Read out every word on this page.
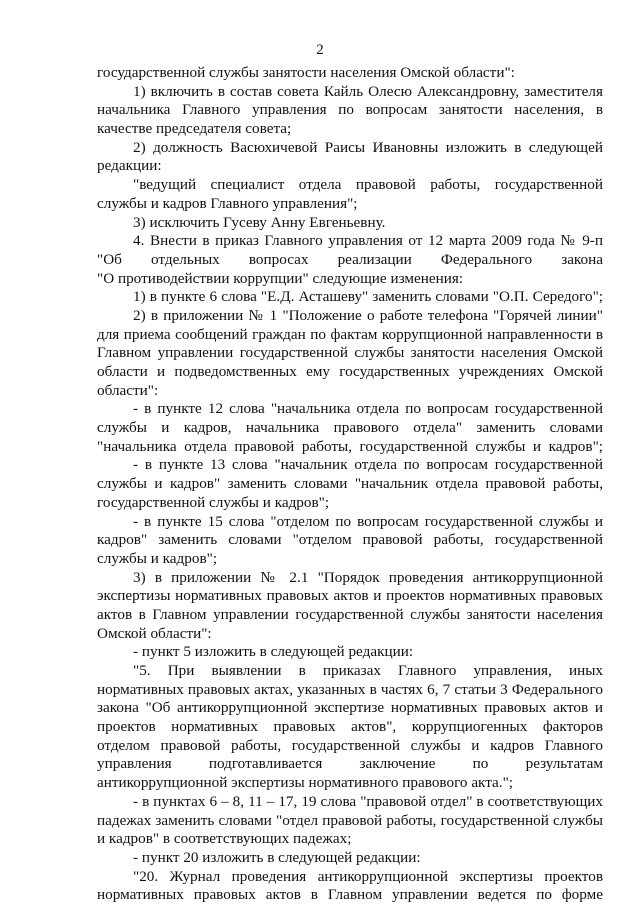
2
государственной службы занятости населения Омской области":
1) включить в состав совета Кайль Олесю Александровну, заместителя
начальника Главного управления по вопросам занятости населения, в
качестве председателя совета;
2) должность Васюхичевой Раисы Ивановны изложить в следующей
редакции:
"ведущий специалист отдела правовой работы, государственной
службы и кадров Главного управления";
3) исключить Гусеву Анну Евгеньевну.
4. Внести в приказ Главного управления от 12 марта 2009 года № 9-п
"Об отдельных вопросах реализации Федерального закона
"О противодействии коррупции" следующие изменения:
1) в пункте 6 слова "Е.Д. Асташеву" заменить словами "О.П. Середого";
2) в приложении № 1 "Положение о работе телефона "Горячей линии"
для приема сообщений граждан по фактам коррупционной направленности в
Главном управлении государственной службы занятости населения Омской
области и подведомственных ему государственных учреждениях Омской
области":
- в пункте 12 слова "начальника отдела по вопросам государственной
службы и кадров, начальника правового отдела" заменить словами
"начальника отдела правовой работы, государственной службы и кадров";
- в пункте 13 слова "начальник отдела по вопросам государственной
службы и кадров" заменить словами "начальник отдела правовой работы,
государственной службы и кадров";
- в пункте 15 слова "отделом по вопросам государственной службы и
кадров" заменить словами "отделом правовой работы, государственной
службы и кадров";
3) в приложении № 2.1 "Порядок проведения антикоррупционной
экспертизы нормативных правовых актов и проектов нормативных правовых
актов в Главном управлении государственной службы занятости населения
Омской области":
- пункт 5 изложить в следующей редакции:
"5. При выявлении в приказах Главного управления, иных
нормативных правовых актах, указанных в частях 6, 7 статьи 3 Федерального
закона "Об антикоррупционной экспертизе нормативных правовых актов и
проектов нормативных правовых актов", коррупциогенных факторов
отделом правовой работы, государственной службы и кадров Главного
управления подготавливается заключение по результатам
антикоррупционной экспертизы нормативного правового акта.";
- в пунктах 6 – 8, 11 – 17, 19 слова "правовой отдел" в соответствующих
падежах заменить словами "отдел правовой работы, государственной службы
и кадров" в соответствующих падежах;
- пункт 20 изложить в следующей редакции:
"20. Журнал проведения антикоррупционной экспертизы проектов
нормативных правовых актов в Главном управлении ведется по форме
